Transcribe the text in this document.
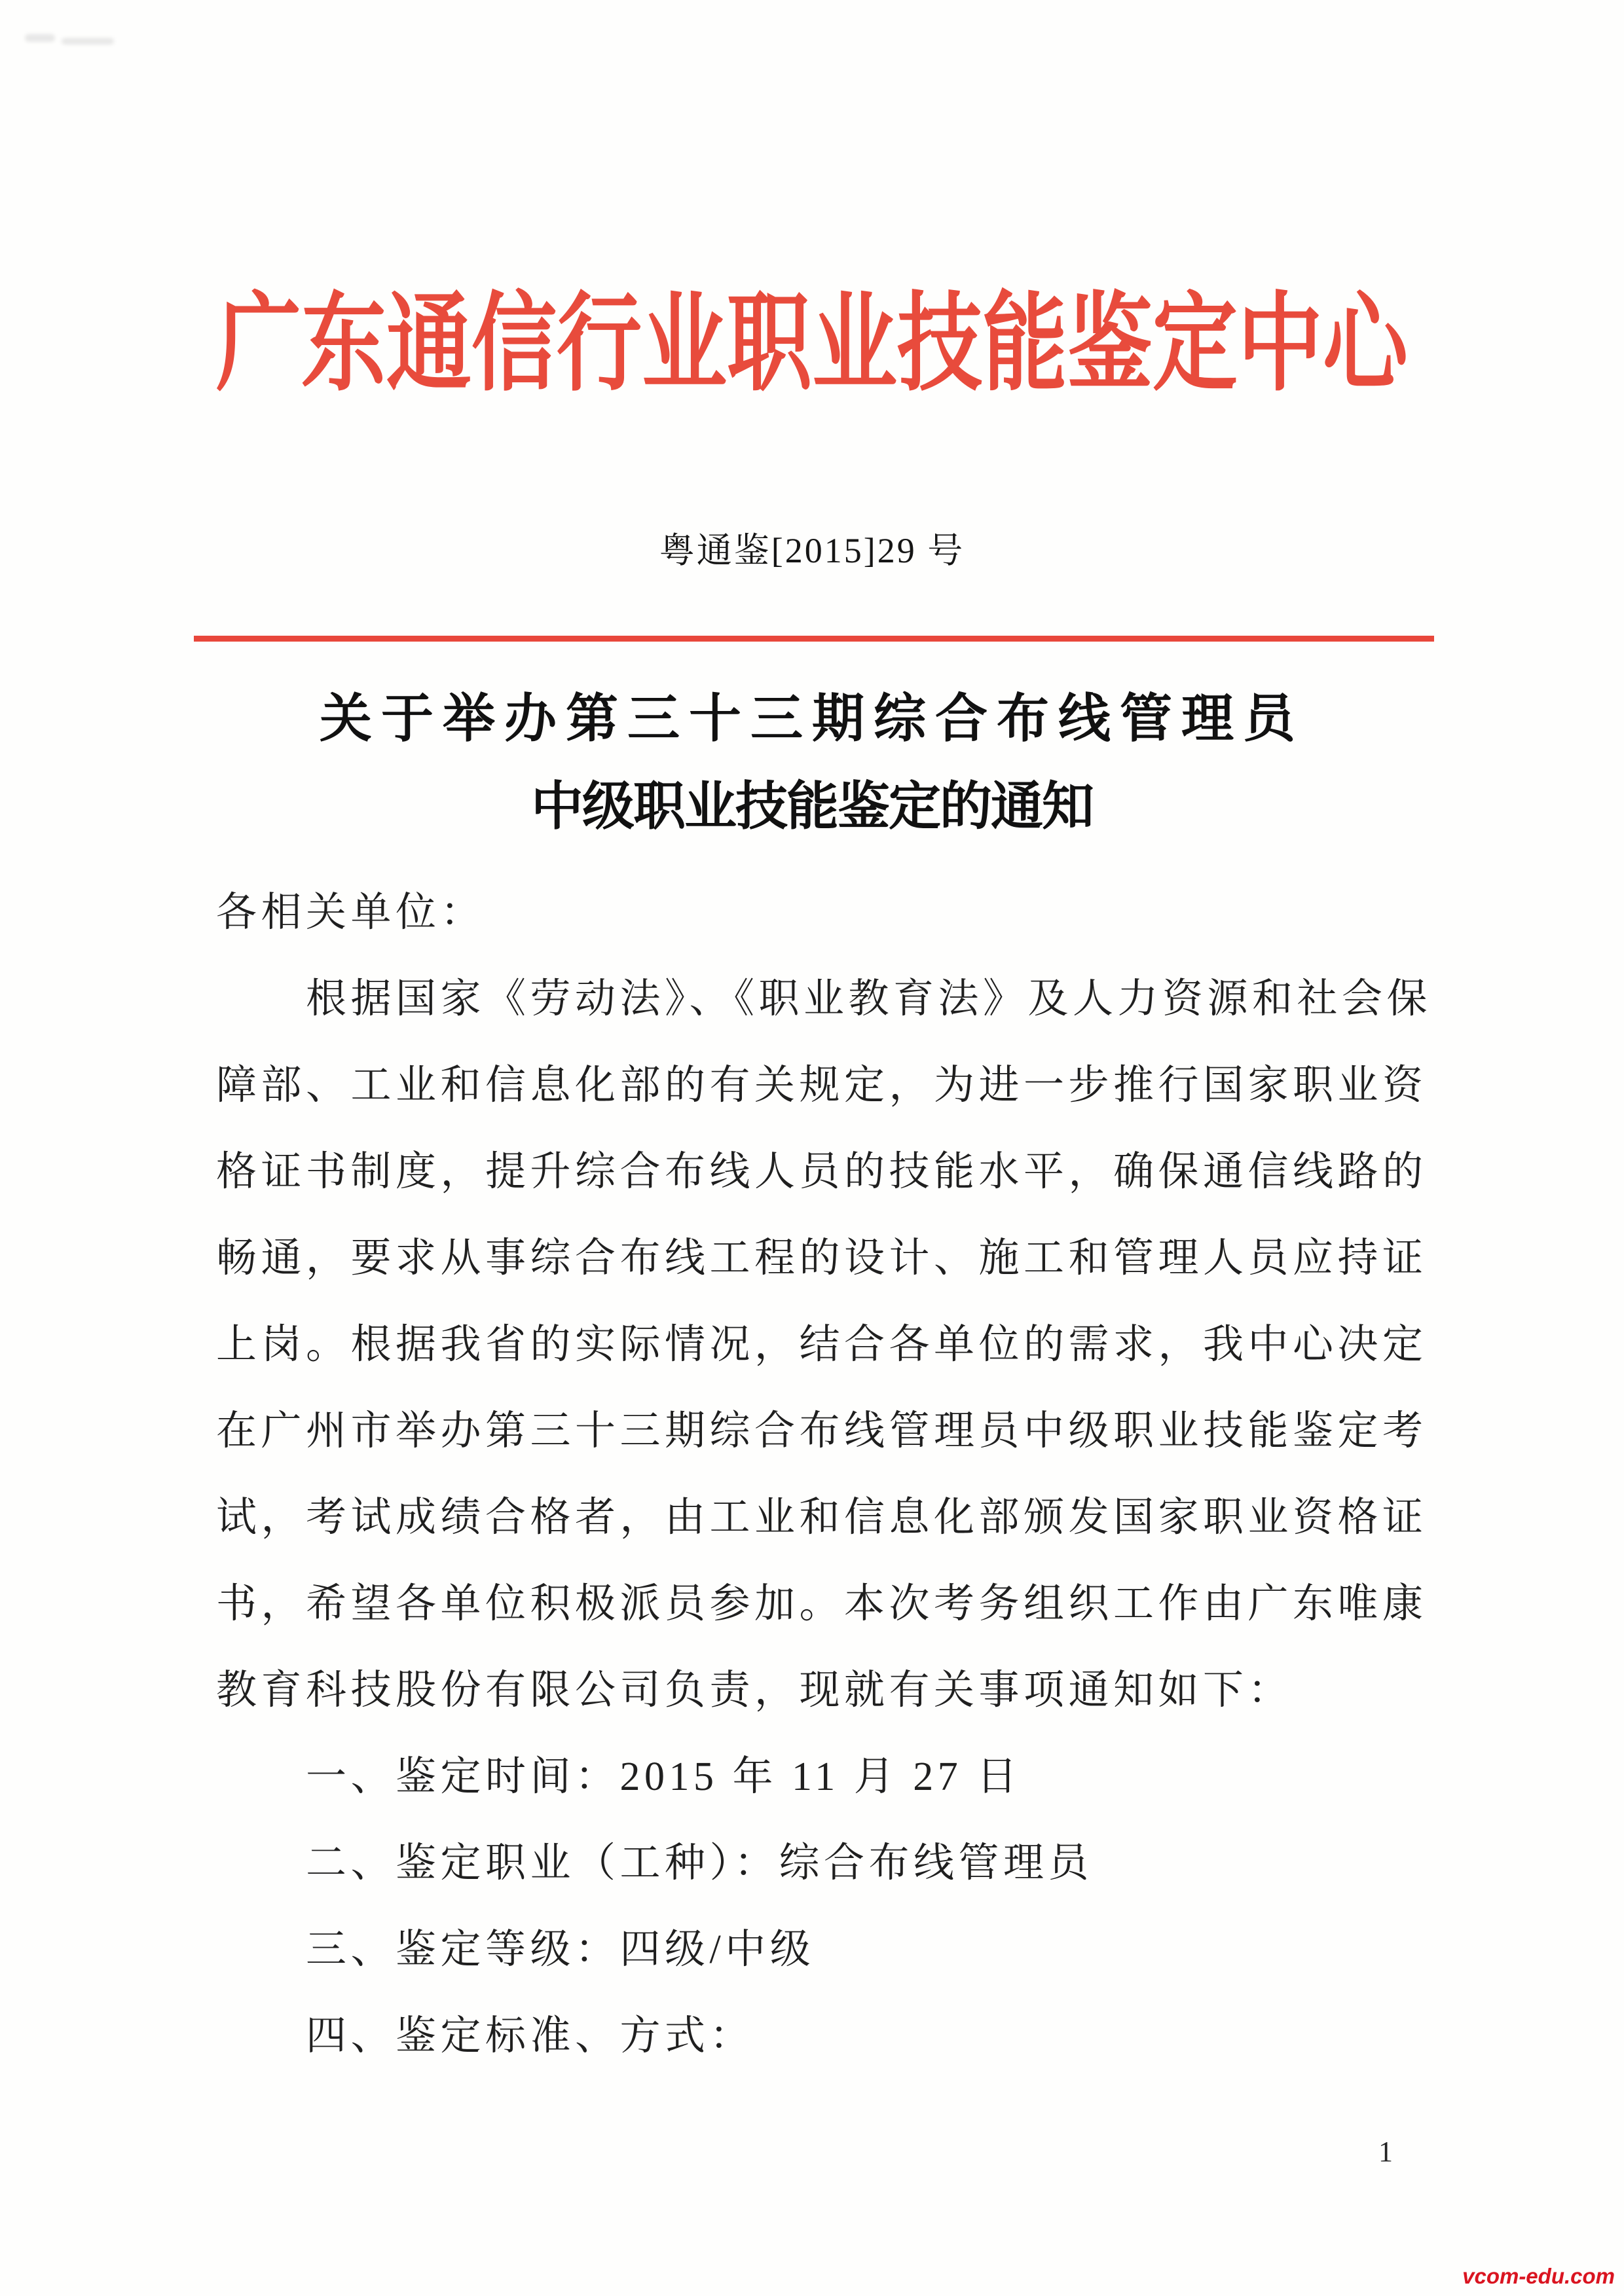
广东通信行业职业技能鉴定中心
粤通鉴[2015]29 号
关于举办第三十三期综合布线管理员
中级职业技能鉴定的通知
各相关单位：
根据国家《劳动法》、《职业教育法》及人力资源和社会保
障部、工业和信息化部的有关规定，为进一步推行国家职业资
格证书制度，提升综合布线人员的技能水平，确保通信线路的
畅通，要求从事综合布线工程的设计、施工和管理人员应持证
上岗。根据我省的实际情况，结合各单位的需求，我中心决定
在广州市举办第三十三期综合布线管理员中级职业技能鉴定考
试，考试成绩合格者，由工业和信息化部颁发国家职业资格证
书，希望各单位积极派员参加。本次考务组织工作由广东唯康
教育科技股份有限公司负责，现就有关事项通知如下：
一、鉴定时间：2015 年 11 月 27 日
二、鉴定职业（工种）：综合布线管理员
三、鉴定等级：四级/中级
四、鉴定标准、方式：
1
vcom-edu.com
